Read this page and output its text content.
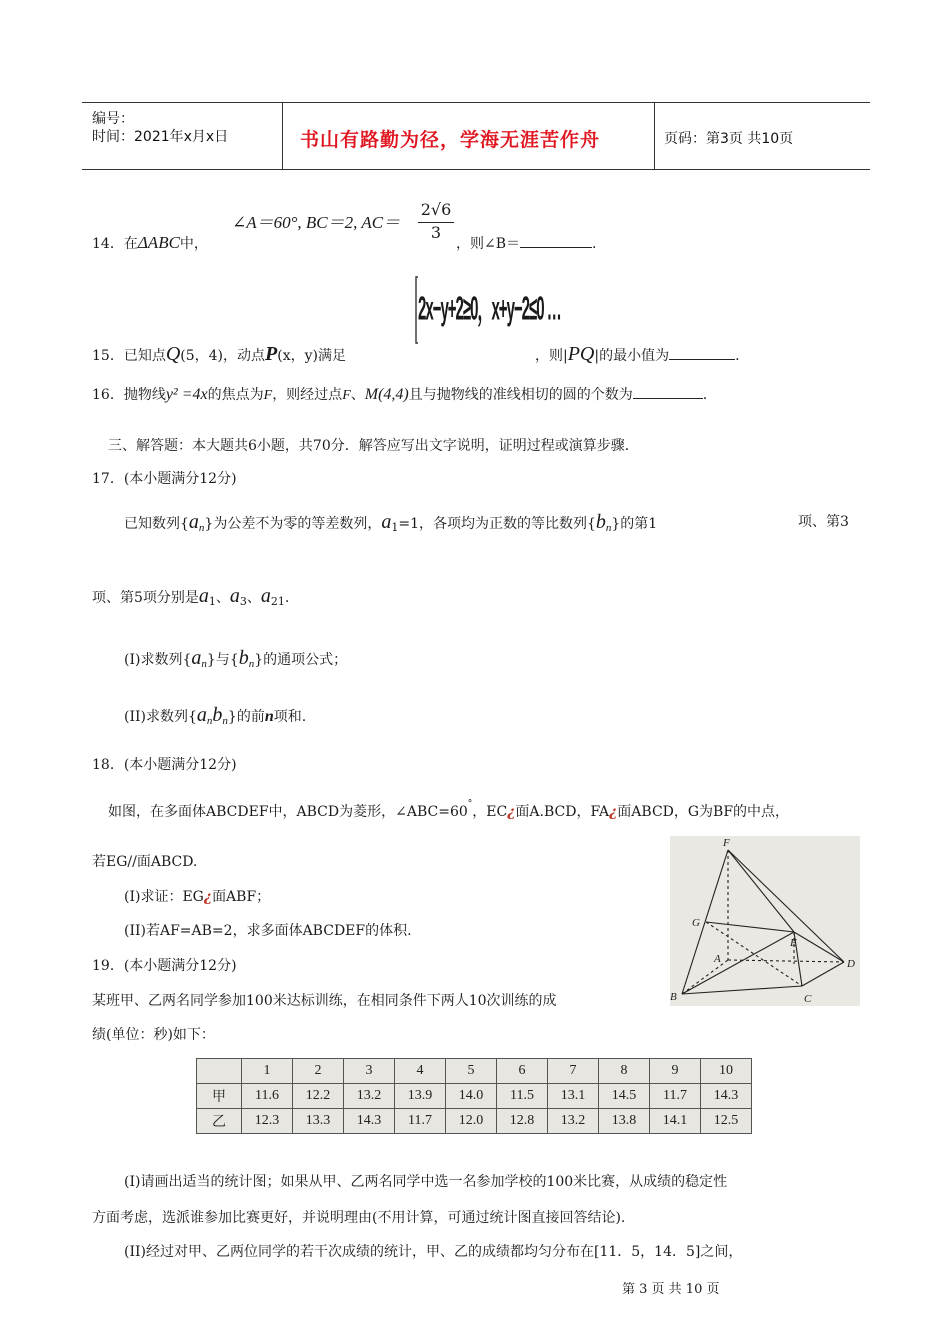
编号：
时间：2021年x月x日	书山有路勤为径，学海无涯苦作舟	页码：第3页 共10页
14．在ΔABC中，
∠A＝60°, BC＝2, AC＝
2√6
3
，则∠B＝	.
2x−y+2≥0，x+y−2≤0 …
15．已知点Q(5，4)，动点P(x，y)满足	，则|PQ|的最小值为	.
16．抛物线y² =4x的焦点为F，则经过点F、M(4,4)且与抛物线的准线相切的圆的个数为	.
三、解答题：本大题共6小题，共70分．解答应写出文字说明，证明过程或演算步骤．
17．(本小题满分12分)
已知数列$\{a_n\}$为公差不为零的等差数列，$a_1=1$，各项均为正数的等比数列$\{b_n\}$的第1	项、第3
项、第5项分别是$a_1$、$a_3$、$a_{21}$.
(I)求数列$\{a_n\}$与$\{b_n\}$的通项公式；
(II)求数列$\{a_nb_n\}$的前n项和.
18．(本小题满分12分)
如图，在多面体ABCDEF中，ABCD为菱形，∠ABC=60°，EC¿面A.BCD，FA¿面ABCD，G为BF的中点，
若EG//面ABCD.
(I)求证：EG¿面ABF；
(II)若AF=AB=2，求多面体ABCDEF的体积.
F
G
E
A	D
B	C
19．(本小题满分12分)
某班甲、乙两名同学参加100米达标训练，在相同条件下两人10次训练的成
绩(单位：秒)如下：
	1	2	3	4	5	6	7	8	9	10
甲	11.6	12.2	13.2	13.9	14.0	11.5	13.1	14.5	11.7	14.3
乙	12.3	13.3	14.3	11.7	12.0	12.8	13.2	13.8	14.1	12.5
(I)请画出适当的统计图；如果从甲、乙两名同学中选一名参加学校的100米比赛，从成绩的稳定性
方面考虑，选派谁参加比赛更好，并说明理由(不用计算，可通过统计图直接回答结论).
(II)经过对甲、乙两位同学的若干次成绩的统计，甲、乙的成绩都均匀分布在[11．5，14．5]之间，
第 3 页 共 10 页
